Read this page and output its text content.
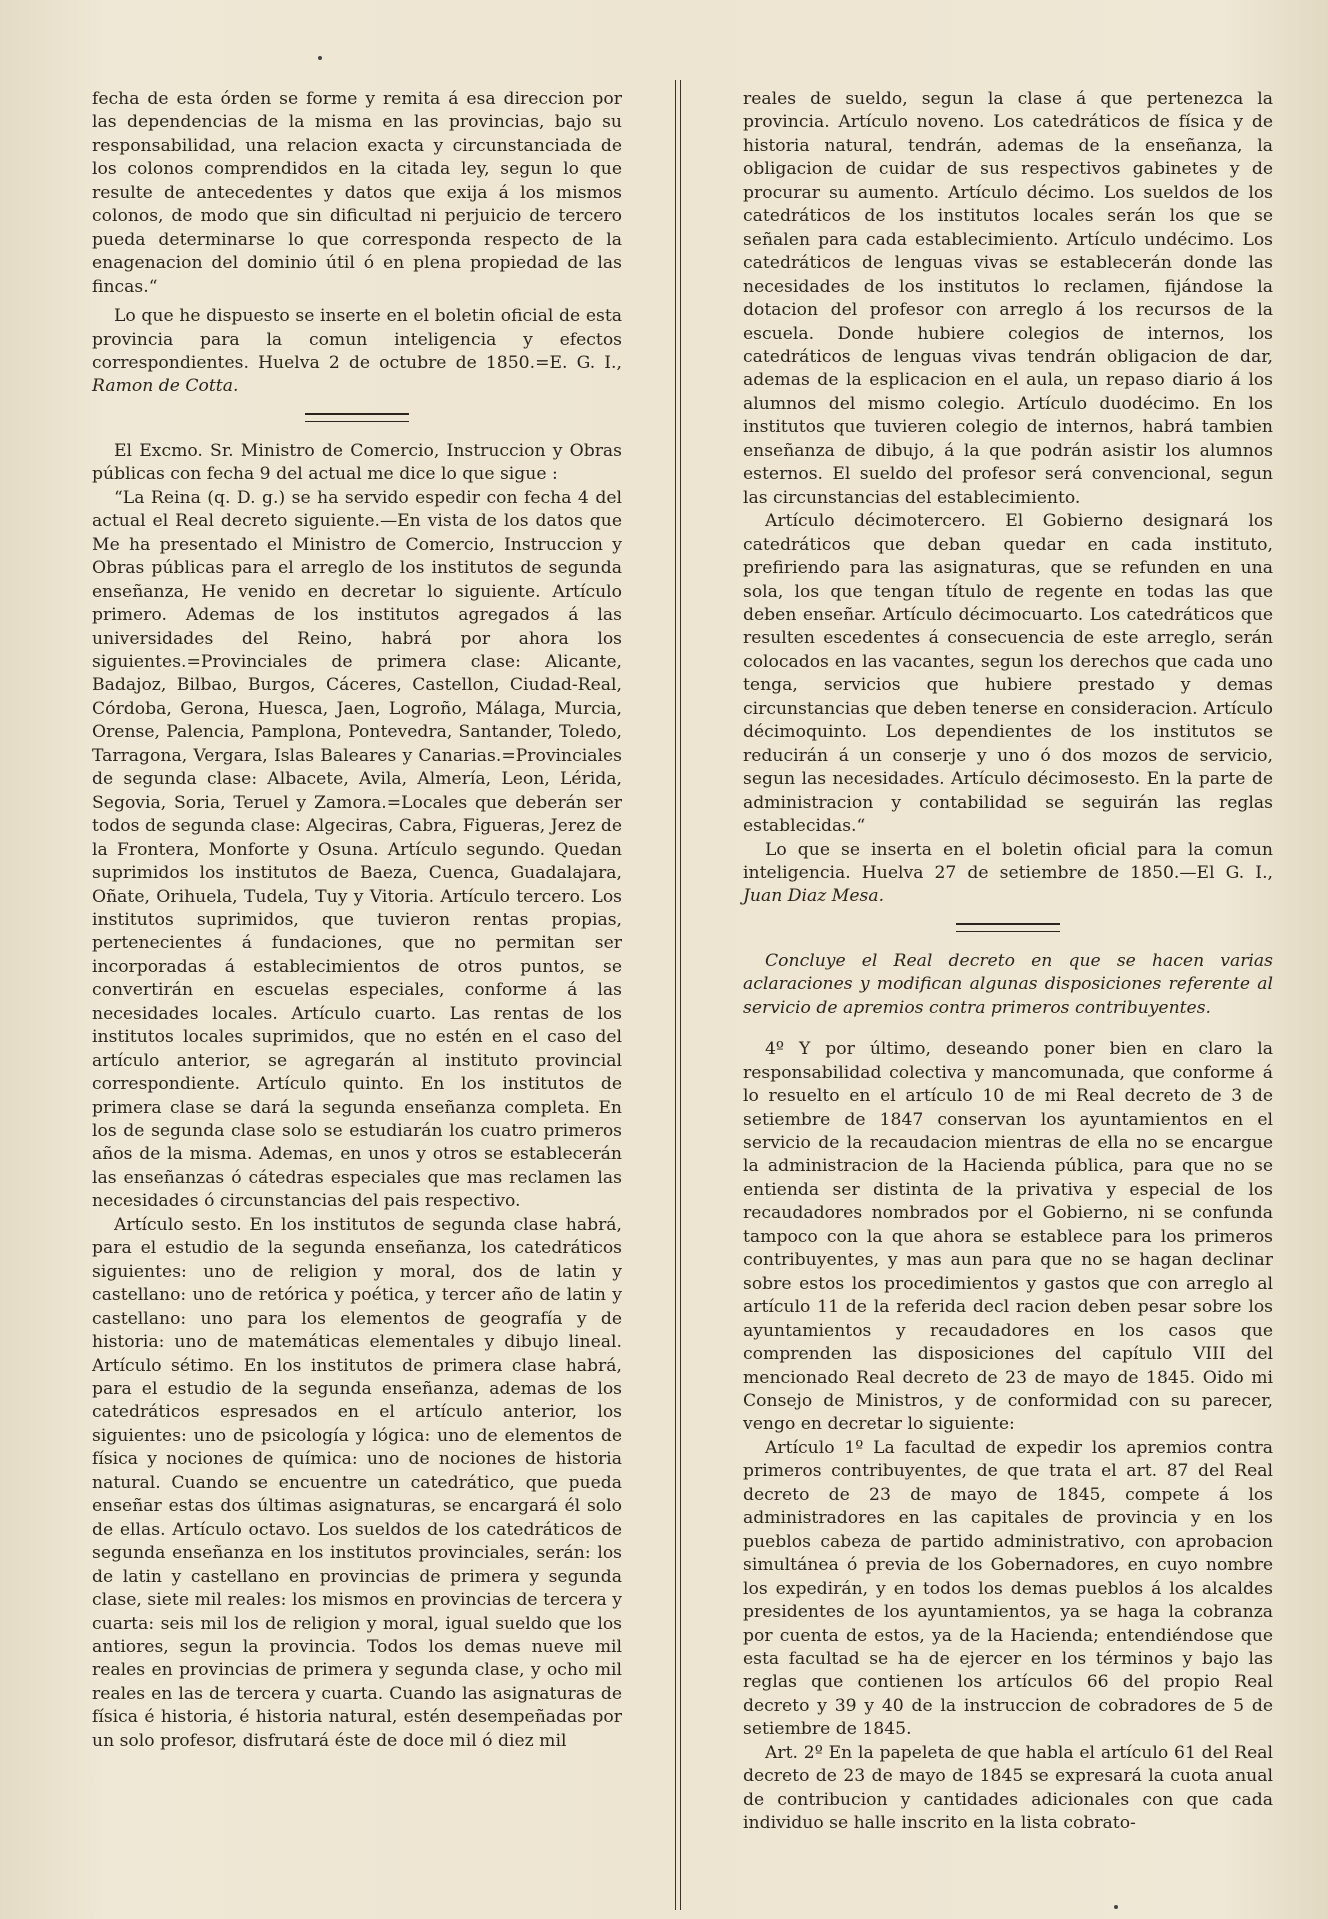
fecha de esta órden se forme y remita á esa direccion por las dependencias de la misma en las provincias, bajo su responsabilidad, una relacion exacta y circunstanciada de los colonos comprendidos en la citada ley, segun lo que resulte de antecedentes y datos que exija á los mismos colonos, de modo que sin dificultad ni perjuicio de tercero pueda determinarse lo que corresponda respecto de la enagenacion del dominio útil ó en plena propiedad de las fincas.“

Lo que he dispuesto se inserte en el boletin oficial de esta provincia para la comun inteligencia y efectos correspondientes. Huelva 2 de octubre de 1850.=E. G. I., Ramon de Cotta.

El Excmo. Sr. Ministro de Comercio, Instruccion y Obras públicas con fecha 9 del actual me dice lo que sigue :

“La Reina (q. D. g.) se ha servido espedir con fecha 4 del actual el Real decreto siguiente.—En vista de los datos que Me ha presentado el Ministro de Comercio, Instruccion y Obras públicas para el arreglo de los institutos de segunda enseñanza, He venido en decretar lo siguiente. Artículo primero. Ademas de los institutos agregados á las universidades del Reino, habrá por ahora los siguientes.=Provinciales de primera clase: Alicante, Badajoz, Bilbao, Burgos, Cáceres, Castellon, Ciudad-Real, Córdoba, Gerona, Huesca, Jaen, Logroño, Málaga, Murcia, Orense, Palencia, Pamplona, Pontevedra, Santander, Toledo, Tarragona, Vergara, Islas Baleares y Canarias.=Provinciales de segunda clase: Albacete, Avila, Almería, Leon, Lérida, Segovia, Soria, Teruel y Zamora.=Locales que deberán ser todos de segunda clase: Algeciras, Cabra, Figueras, Jerez de la Frontera, Monforte y Osuna. Artículo segundo. Quedan suprimidos los institutos de Baeza, Cuenca, Guadalajara, Oñate, Orihuela, Tudela, Tuy y Vitoria. Artículo tercero. Los institutos suprimidos, que tuvieron rentas propias, pertenecientes á fundaciones, que no permitan ser incorporadas á establecimientos de otros puntos, se convertirán en escuelas especiales, conforme á las necesidades locales. Artículo cuarto. Las rentas de los institutos locales suprimidos, que no estén en el caso del artículo anterior, se agregarán al instituto provincial correspondiente. Artículo quinto. En los institutos de primera clase se dará la segunda enseñanza completa. En los de segunda clase solo se estudiarán los cuatro primeros años de la misma. Ademas, en unos y otros se establecerán las enseñanzas ó cátedras especiales que mas reclamen las necesidades ó circunstancias del pais respectivo.

Artículo sesto. En los institutos de segunda clase habrá, para el estudio de la segunda enseñanza, los catedráticos siguientes: uno de religion y moral, dos de latin y castellano: uno de retórica y poética, y tercer año de latin y castellano: uno para los elementos de geografía y de historia: uno de matemáticas elementales y dibujo lineal. Artículo sétimo. En los institutos de primera clase habrá, para el estudio de la segunda enseñanza, ademas de los catedráticos espresados en el artículo anterior, los siguientes: uno de psicología y lógica: uno de elementos de física y nociones de química: uno de nociones de historia natural. Cuando se encuentre un catedrático, que pueda enseñar estas dos últimas asignaturas, se encargará él solo de ellas. Artículo octavo. Los sueldos de los catedráticos de segunda enseñanza en los institutos provinciales, serán: los de latin y castellano en provincias de primera y segunda clase, siete mil reales: los mismos en provincias de tercera y cuarta: seis mil los de religion y moral, igual sueldo que los antiores, segun la provincia. Todos los demas nueve mil reales en provincias de primera y segunda clase, y ocho mil reales en las de tercera y cuarta. Cuando las asignaturas de física é historia, é historia natural, estén desempeñadas por un solo profesor, disfrutará éste de doce mil ó diez mil

reales de sueldo, segun la clase á que pertenezca la provincia. Artículo noveno. Los catedráticos de física y de historia natural, tendrán, ademas de la enseñanza, la obligacion de cuidar de sus respectivos gabinetes y de procurar su aumento. Artículo décimo. Los sueldos de los catedráticos de los institutos locales serán los que se señalen para cada establecimiento. Artículo undécimo. Los catedráticos de lenguas vivas se establecerán donde las necesidades de los institutos lo reclamen, fijándose la dotacion del profesor con arreglo á los recursos de la escuela. Donde hubiere colegios de internos, los catedráticos de lenguas vivas tendrán obligacion de dar, ademas de la esplicacion en el aula, un repaso diario á los alumnos del mismo colegio. Artículo duodécimo. En los institutos que tuvieren colegio de internos, habrá tambien enseñanza de dibujo, á la que podrán asistir los alumnos esternos. El sueldo del profesor será convencional, segun las circunstancias del establecimiento.

Artículo décimotercero. El Gobierno designará los catedráticos que deban quedar en cada instituto, prefiriendo para las asignaturas, que se refunden en una sola, los que tengan título de regente en todas las que deben enseñar. Artículo décimocuarto. Los catedráticos que resulten escedentes á consecuencia de este arreglo, serán colocados en las vacantes, segun los derechos que cada uno tenga, servicios que hubiere prestado y demas circunstancias que deben tenerse en consideracion. Artículo décimoquinto. Los dependientes de los institutos se reducirán á un conserje y uno ó dos mozos de servicio, segun las necesidades. Artículo décimosesto. En la parte de administracion y contabilidad se seguirán las reglas establecidas.“

Lo que se inserta en el boletin oficial para la comun inteligencia. Huelva 27 de setiembre de 1850.—El G. I., Juan Diaz Mesa.

Concluye el Real decreto en que se hacen varias aclaraciones y modifican algunas disposiciones referente al servicio de apremios contra primeros contribuyentes.

4º Y por último, deseando poner bien en claro la responsabilidad colectiva y mancomunada, que conforme á lo resuelto en el artículo 10 de mi Real decreto de 3 de setiembre de 1847 conservan los ayuntamientos en el servicio de la recaudacion mientras de ella no se encargue la administracion de la Hacienda pública, para que no se entienda ser distinta de la privativa y especial de los recaudadores nombrados por el Gobierno, ni se confunda tampoco con la que ahora se establece para los primeros contribuyentes, y mas aun para que no se hagan declinar sobre estos los procedimientos y gastos que con arreglo al artículo 11 de la referida decl racion deben pesar sobre los ayuntamientos y recaudadores en los casos que comprenden las disposiciones del capítulo VIII del mencionado Real decreto de 23 de mayo de 1845. Oido mi Consejo de Ministros, y de conformidad con su parecer, vengo en decretar lo siguiente:

Artículo 1º La facultad de expedir los apremios contra primeros contribuyentes, de que trata el art. 87 del Real decreto de 23 de mayo de 1845, compete á los administradores en las capitales de provincia y en los pueblos cabeza de partido administrativo, con aprobacion simultánea ó previa de los Gobernadores, en cuyo nombre los expedirán, y en todos los demas pueblos á los alcaldes presidentes de los ayuntamientos, ya se haga la cobranza por cuenta de estos, ya de la Hacienda; entendiéndose que esta facultad se ha de ejercer en los términos y bajo las reglas que contienen los artículos 66 del propio Real decreto y 39 y 40 de la instruccion de cobradores de 5 de setiembre de 1845.

Art. 2º En la papeleta de que habla el artículo 61 del Real decreto de 23 de mayo de 1845 se expresará la cuota anual de contribucion y cantidades adicionales con que cada individuo se halle inscrito en la lista cobrato-
